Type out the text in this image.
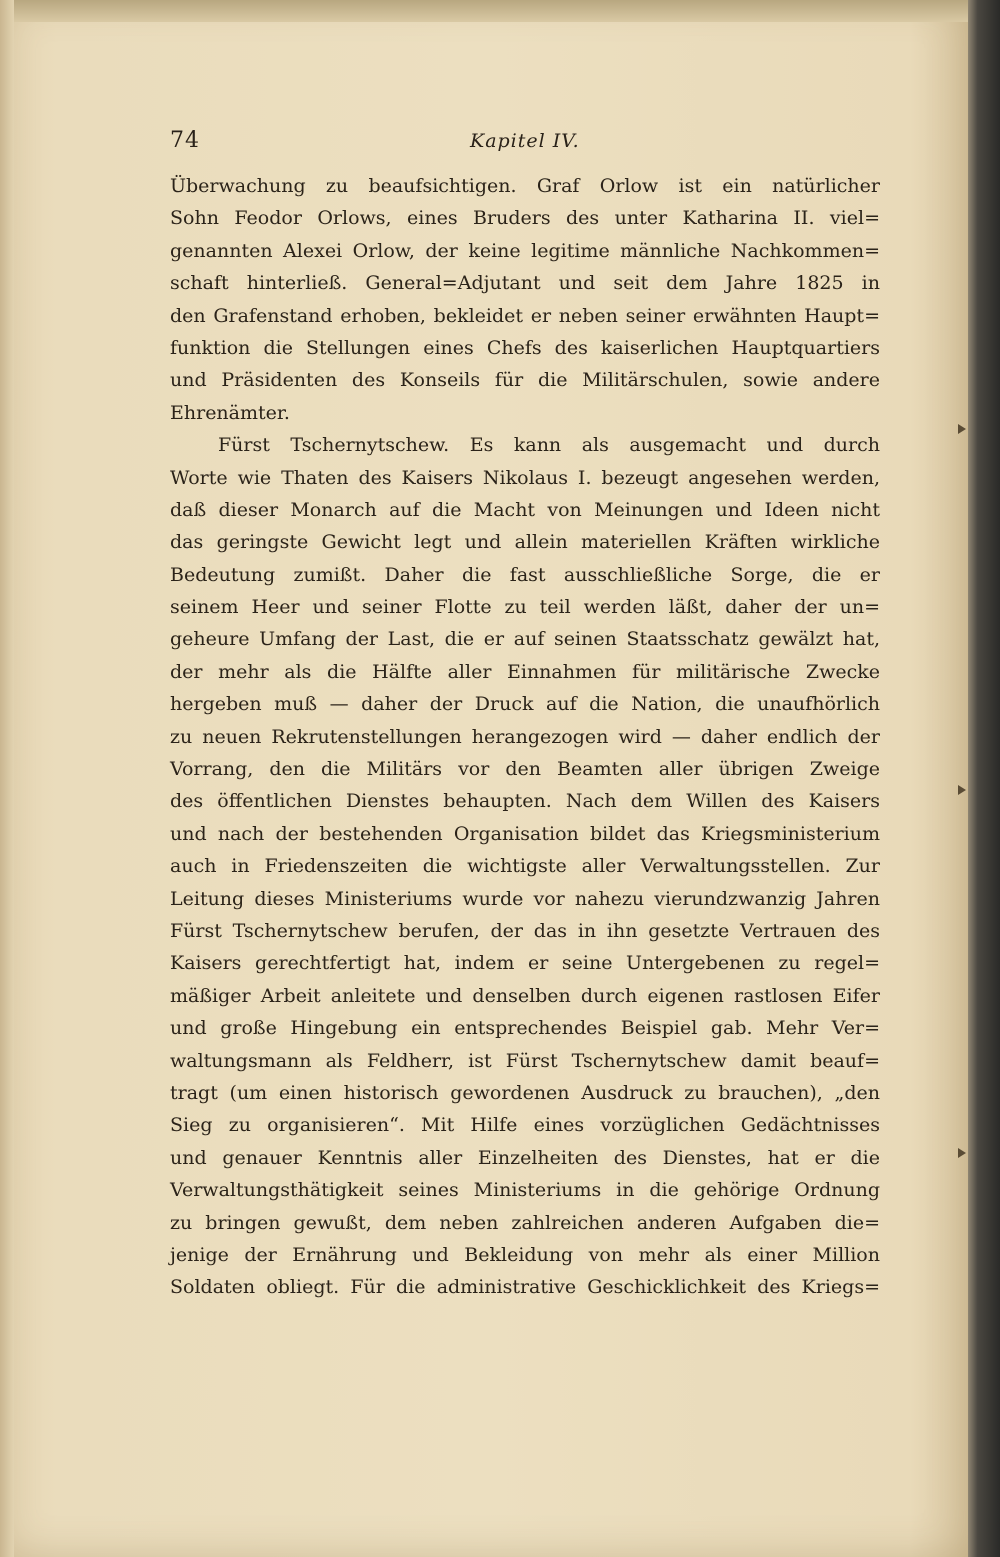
74	Kapitel IV.
Überwachung zu beaufsichtigen. Graf Orlow ist ein natürlicher
Sohn Feodor Orlows, eines Bruders des unter Katharina II. viel=
genannten Alexei Orlow, der keine legitime männliche Nachkommen=
schaft hinterließ. General=Adjutant und seit dem Jahre 1825 in
den Grafenstand erhoben, bekleidet er neben seiner erwähnten Haupt=
funktion die Stellungen eines Chefs des kaiserlichen Hauptquartiers
und Präsidenten des Konseils für die Militärschulen, sowie andere
Ehrenämter.
Fürst Tschernytschew. Es kann als ausgemacht und durch
Worte wie Thaten des Kaisers Nikolaus I. bezeugt angesehen werden,
daß dieser Monarch auf die Macht von Meinungen und Ideen nicht
das geringste Gewicht legt und allein materiellen Kräften wirkliche
Bedeutung zumißt. Daher die fast ausschließliche Sorge, die er
seinem Heer und seiner Flotte zu teil werden läßt, daher der un=
geheure Umfang der Last, die er auf seinen Staatsschatz gewälzt hat,
der mehr als die Hälfte aller Einnahmen für militärische Zwecke
hergeben muß — daher der Druck auf die Nation, die unaufhörlich
zu neuen Rekrutenstellungen herangezogen wird — daher endlich der
Vorrang, den die Militärs vor den Beamten aller übrigen Zweige
des öffentlichen Dienstes behaupten. Nach dem Willen des Kaisers
und nach der bestehenden Organisation bildet das Kriegsministerium
auch in Friedenszeiten die wichtigste aller Verwaltungsstellen. Zur
Leitung dieses Ministeriums wurde vor nahezu vierundzwanzig Jahren
Fürst Tschernytschew berufen, der das in ihn gesetzte Vertrauen des
Kaisers gerechtfertigt hat, indem er seine Untergebenen zu regel=
mäßiger Arbeit anleitete und denselben durch eigenen rastlosen Eifer
und große Hingebung ein entsprechendes Beispiel gab. Mehr Ver=
waltungsmann als Feldherr, ist Fürst Tschernytschew damit beauf=
tragt (um einen historisch gewordenen Ausdruck zu brauchen), „den
Sieg zu organisieren“. Mit Hilfe eines vorzüglichen Gedächtnisses
und genauer Kenntnis aller Einzelheiten des Dienstes, hat er die
Verwaltungsthätigkeit seines Ministeriums in die gehörige Ordnung
zu bringen gewußt, dem neben zahlreichen anderen Aufgaben die=
jenige der Ernährung und Bekleidung von mehr als einer Million
Soldaten obliegt. Für die administrative Geschicklichkeit des Kriegs=
